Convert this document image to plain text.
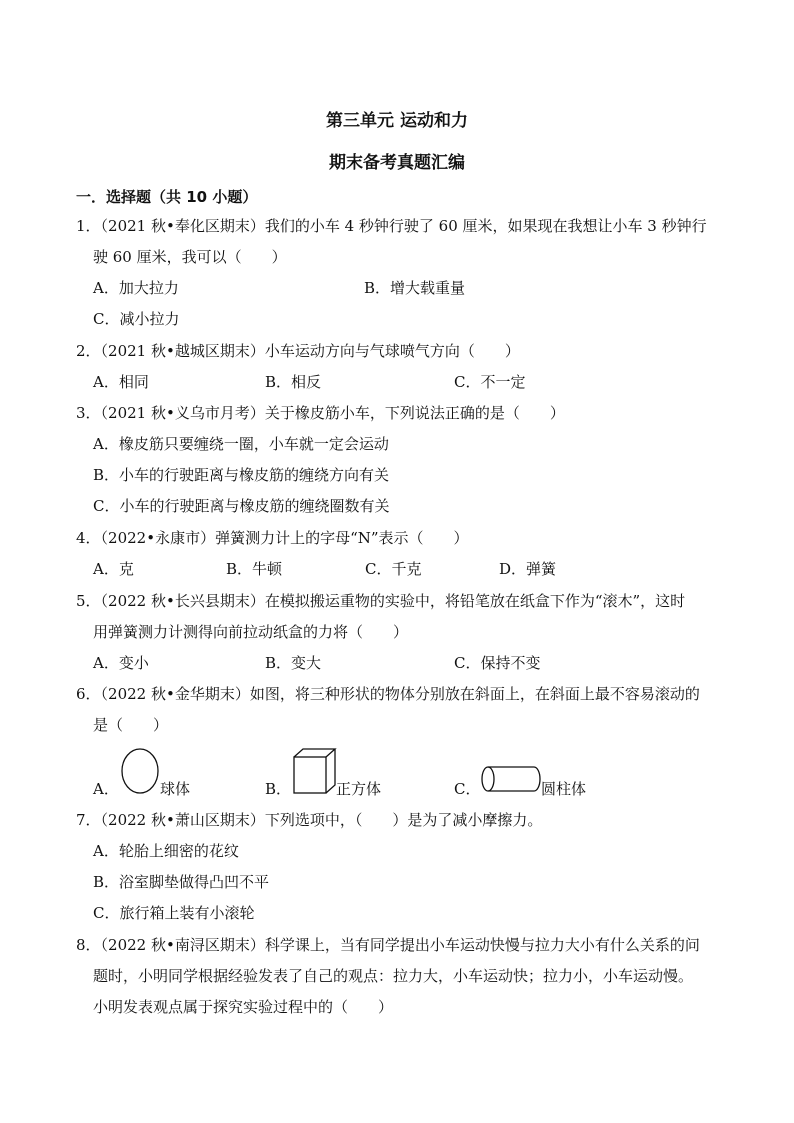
第三单元 运动和力
期末备考真题汇编
一．选择题（共 10 小题）
1．（2021 秋•奉化区期末）我们的小车 4 秒钟行驶了 60 厘米，如果现在我想让小车 3 秒钟行
驶 60 厘米，我可以（　　）
A．加大拉力	B．增大载重量
C．减小拉力
2．（2021 秋•越城区期末）小车运动方向与气球喷气方向（　　）
A．相同	B．相反	C．不一定
3．（2021 秋•义乌市月考）关于橡皮筋小车，下列说法正确的是（　　）
A．橡皮筋只要缠绕一圈，小车就一定会运动
B．小车的行驶距离与橡皮筋的缠绕方向有关
C．小车的行驶距离与橡皮筋的缠绕圈数有关
4．（2022•永康市）弹簧测力计上的字母“N”表示（　　）
A．克	B．牛顿	C．千克	D．弹簧
5．（2022 秋•长兴县期末）在模拟搬运重物的实验中，将铅笔放在纸盒下作为“滚木”，这时
用弹簧测力计测得向前拉动纸盒的力将（　　）
A．变小	B．变大	C．保持不变
6．（2022 秋•金华期末）如图，将三种形状的物体分别放在斜面上，在斜面上最不容易滚动的
是（　　）
A．	球体	B．	正方体	C．	圆柱体
7．（2022 秋•萧山区期末）下列选项中，（　　）是为了减小摩擦力。
A．轮胎上细密的花纹
B．浴室脚垫做得凸凹不平
C．旅行箱上装有小滚轮
8．（2022 秋•南浔区期末）科学课上，当有同学提出小车运动快慢与拉力大小有什么关系的问
题时，小明同学根据经验发表了自己的观点：拉力大，小车运动快；拉力小，小车运动慢。
小明发表观点属于探究实验过程中的（　　）
